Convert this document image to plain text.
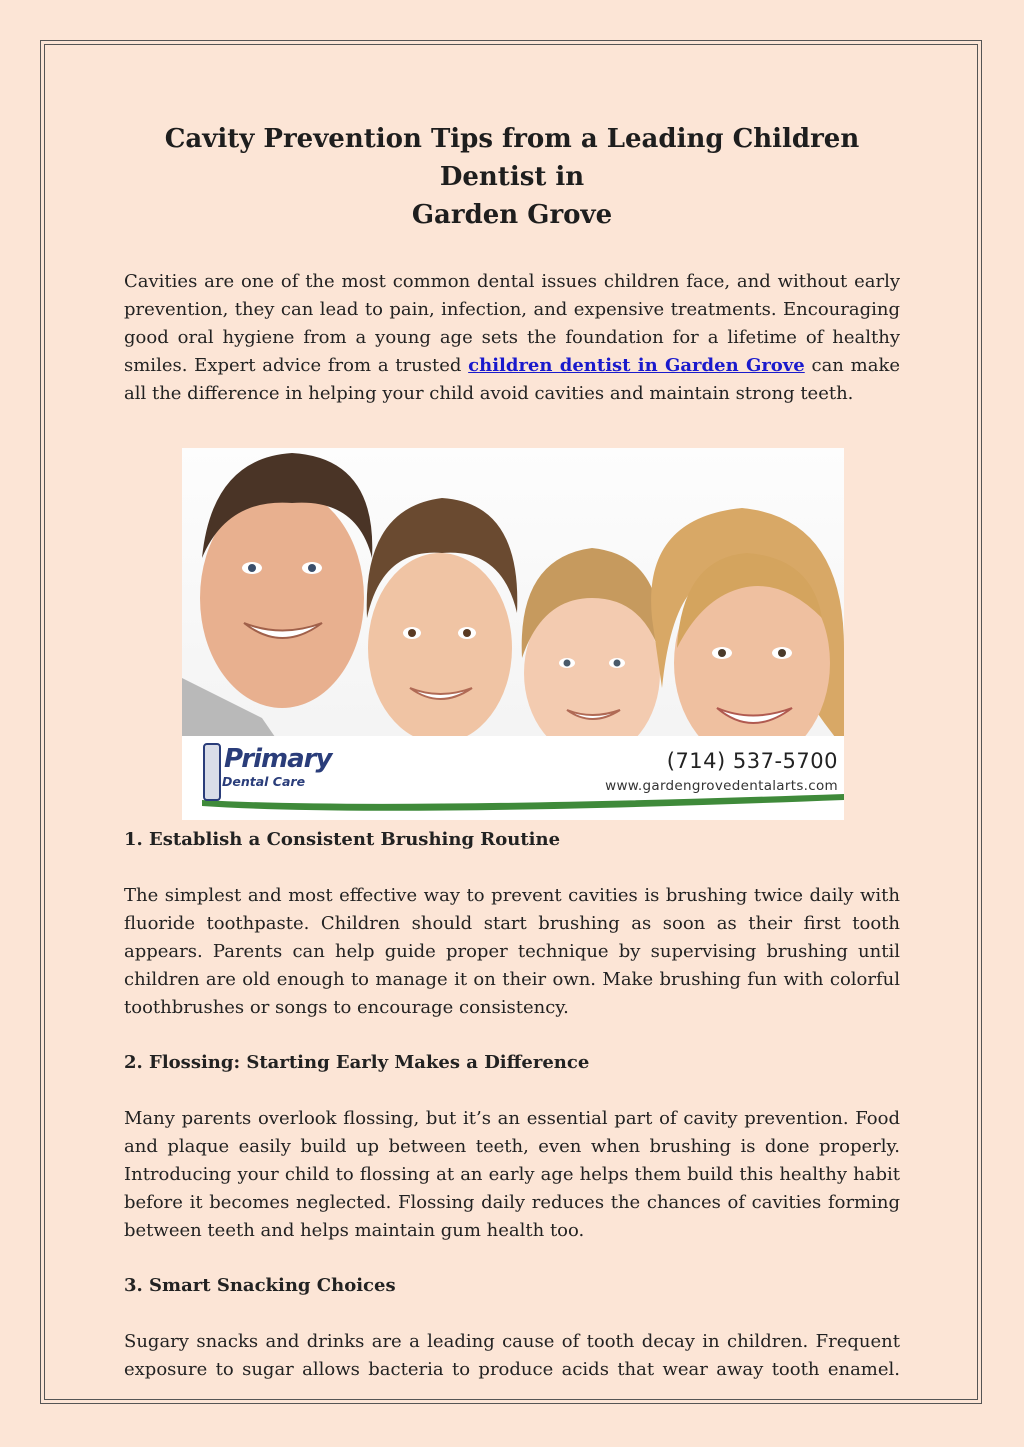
Cavity Prevention Tips from a Leading Children Dentist in
Garden Grove

Cavities are one of the most common dental issues children face, and without early prevention, they can lead to pain, infection, and expensive treatments. Encouraging good oral hygiene from a young age sets the foundation for a lifetime of healthy smiles. Expert advice from a trusted children dentist in Garden Grove can make all the difference in helping your child avoid cavities and maintain strong teeth.

Primary
Dental Care
(714) 537-5700
www.gardengrovedentalarts.com
1. Establish a Consistent Brushing Routine

The simplest and most effective way to prevent cavities is brushing twice daily with fluoride toothpaste. Children should start brushing as soon as their first tooth appears. Parents can help guide proper technique by supervising brushing until children are old enough to manage it on their own. Make brushing fun with colorful toothbrushes or songs to encourage consistency.

2. Flossing: Starting Early Makes a Difference

Many parents overlook flossing, but it’s an essential part of cavity prevention. Food and plaque easily build up between teeth, even when brushing is done properly. Introducing your child to flossing at an early age helps them build this healthy habit before it becomes neglected. Flossing daily reduces the chances of cavities forming between teeth and helps maintain gum health too.

3. Smart Snacking Choices

Sugary snacks and drinks are a leading cause of tooth decay in children. Frequent exposure to sugar allows bacteria to produce acids that wear away tooth enamel.
